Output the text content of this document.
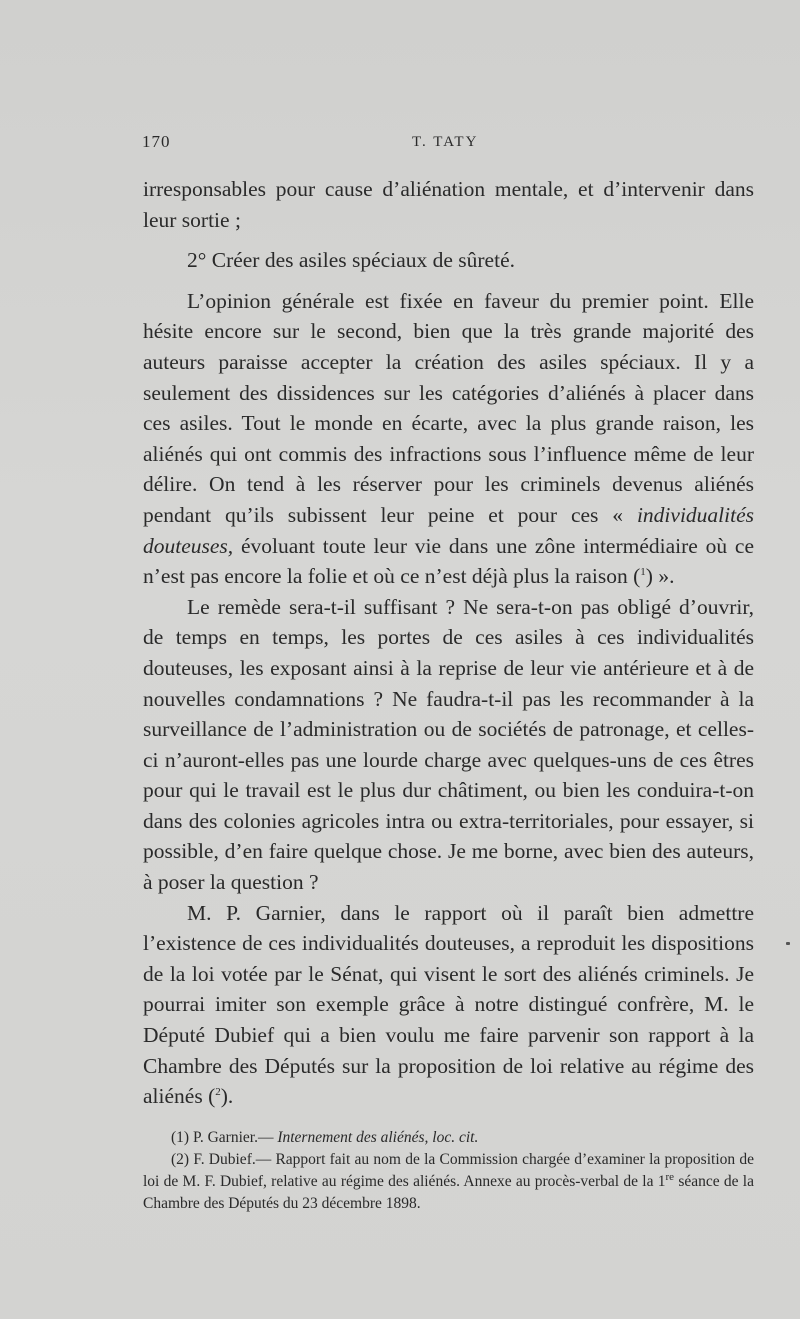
170	T. TATY

irresponsables pour cause d’aliénation mentale, et d’intervenir dans leur sortie ;

2° Créer des asiles spéciaux de sûreté.

L’opinion générale est fixée en faveur du premier point. Elle hésite encore sur le second, bien que la très grande majorité des auteurs paraisse accepter la création des asiles spéciaux. Il y a seulement des dissidences sur les catégories d’aliénés à placer dans ces asiles. Tout le monde en écarte, avec la plus grande raison, les aliénés qui ont commis des infractions sous l’influence même de leur délire. On tend à les réserver pour les criminels devenus aliénés pendant qu’ils subissent leur peine et pour ces « individualités douteuses, évoluant toute leur vie dans une zône intermédiaire où ce n’est pas encore la folie et où ce n’est déjà plus la raison ($^1$) ».

Le remède sera-t-il suffisant ? Ne sera-t-on pas obligé d’ouvrir, de temps en temps, les portes de ces asiles à ces individualités douteuses, les exposant ainsi à la reprise de leur vie antérieure et à de nouvelles condamnations ? Ne faudra-t-il pas les recommander à la surveillance de l’administration ou de sociétés de patronage, et celles-ci n’auront-elles pas une lourde charge avec quelques-uns de ces êtres pour qui le travail est le plus dur châtiment, ou bien les conduira-t-on dans des colonies agricoles intra ou extra-territoriales, pour essayer, si possible, d’en faire quelque chose. Je me borne, avec bien des auteurs, à poser la question ?

M. P. Garnier, dans le rapport où il paraît bien admettre l’existence de ces individualités douteuses, a reproduit les dispositions de la loi votée par le Sénat, qui visent le sort des aliénés criminels. Je pourrai imiter son exemple grâce à notre distingué confrère, M. le Député Dubief qui a bien voulu me faire parvenir son rapport à la Chambre des Députés sur la proposition de loi relative au régime des aliénés ($^2$).

(1) P. Garnier.— Internement des aliénés, loc. cit.

(2) F. Dubief.— Rapport fait au nom de la Commission chargée d’examiner la proposition de loi de M. F. Dubief, relative au régime des aliénés. Annexe au procès-verbal de la 1re séance de la Chambre des Députés du 23 décembre 1898.
